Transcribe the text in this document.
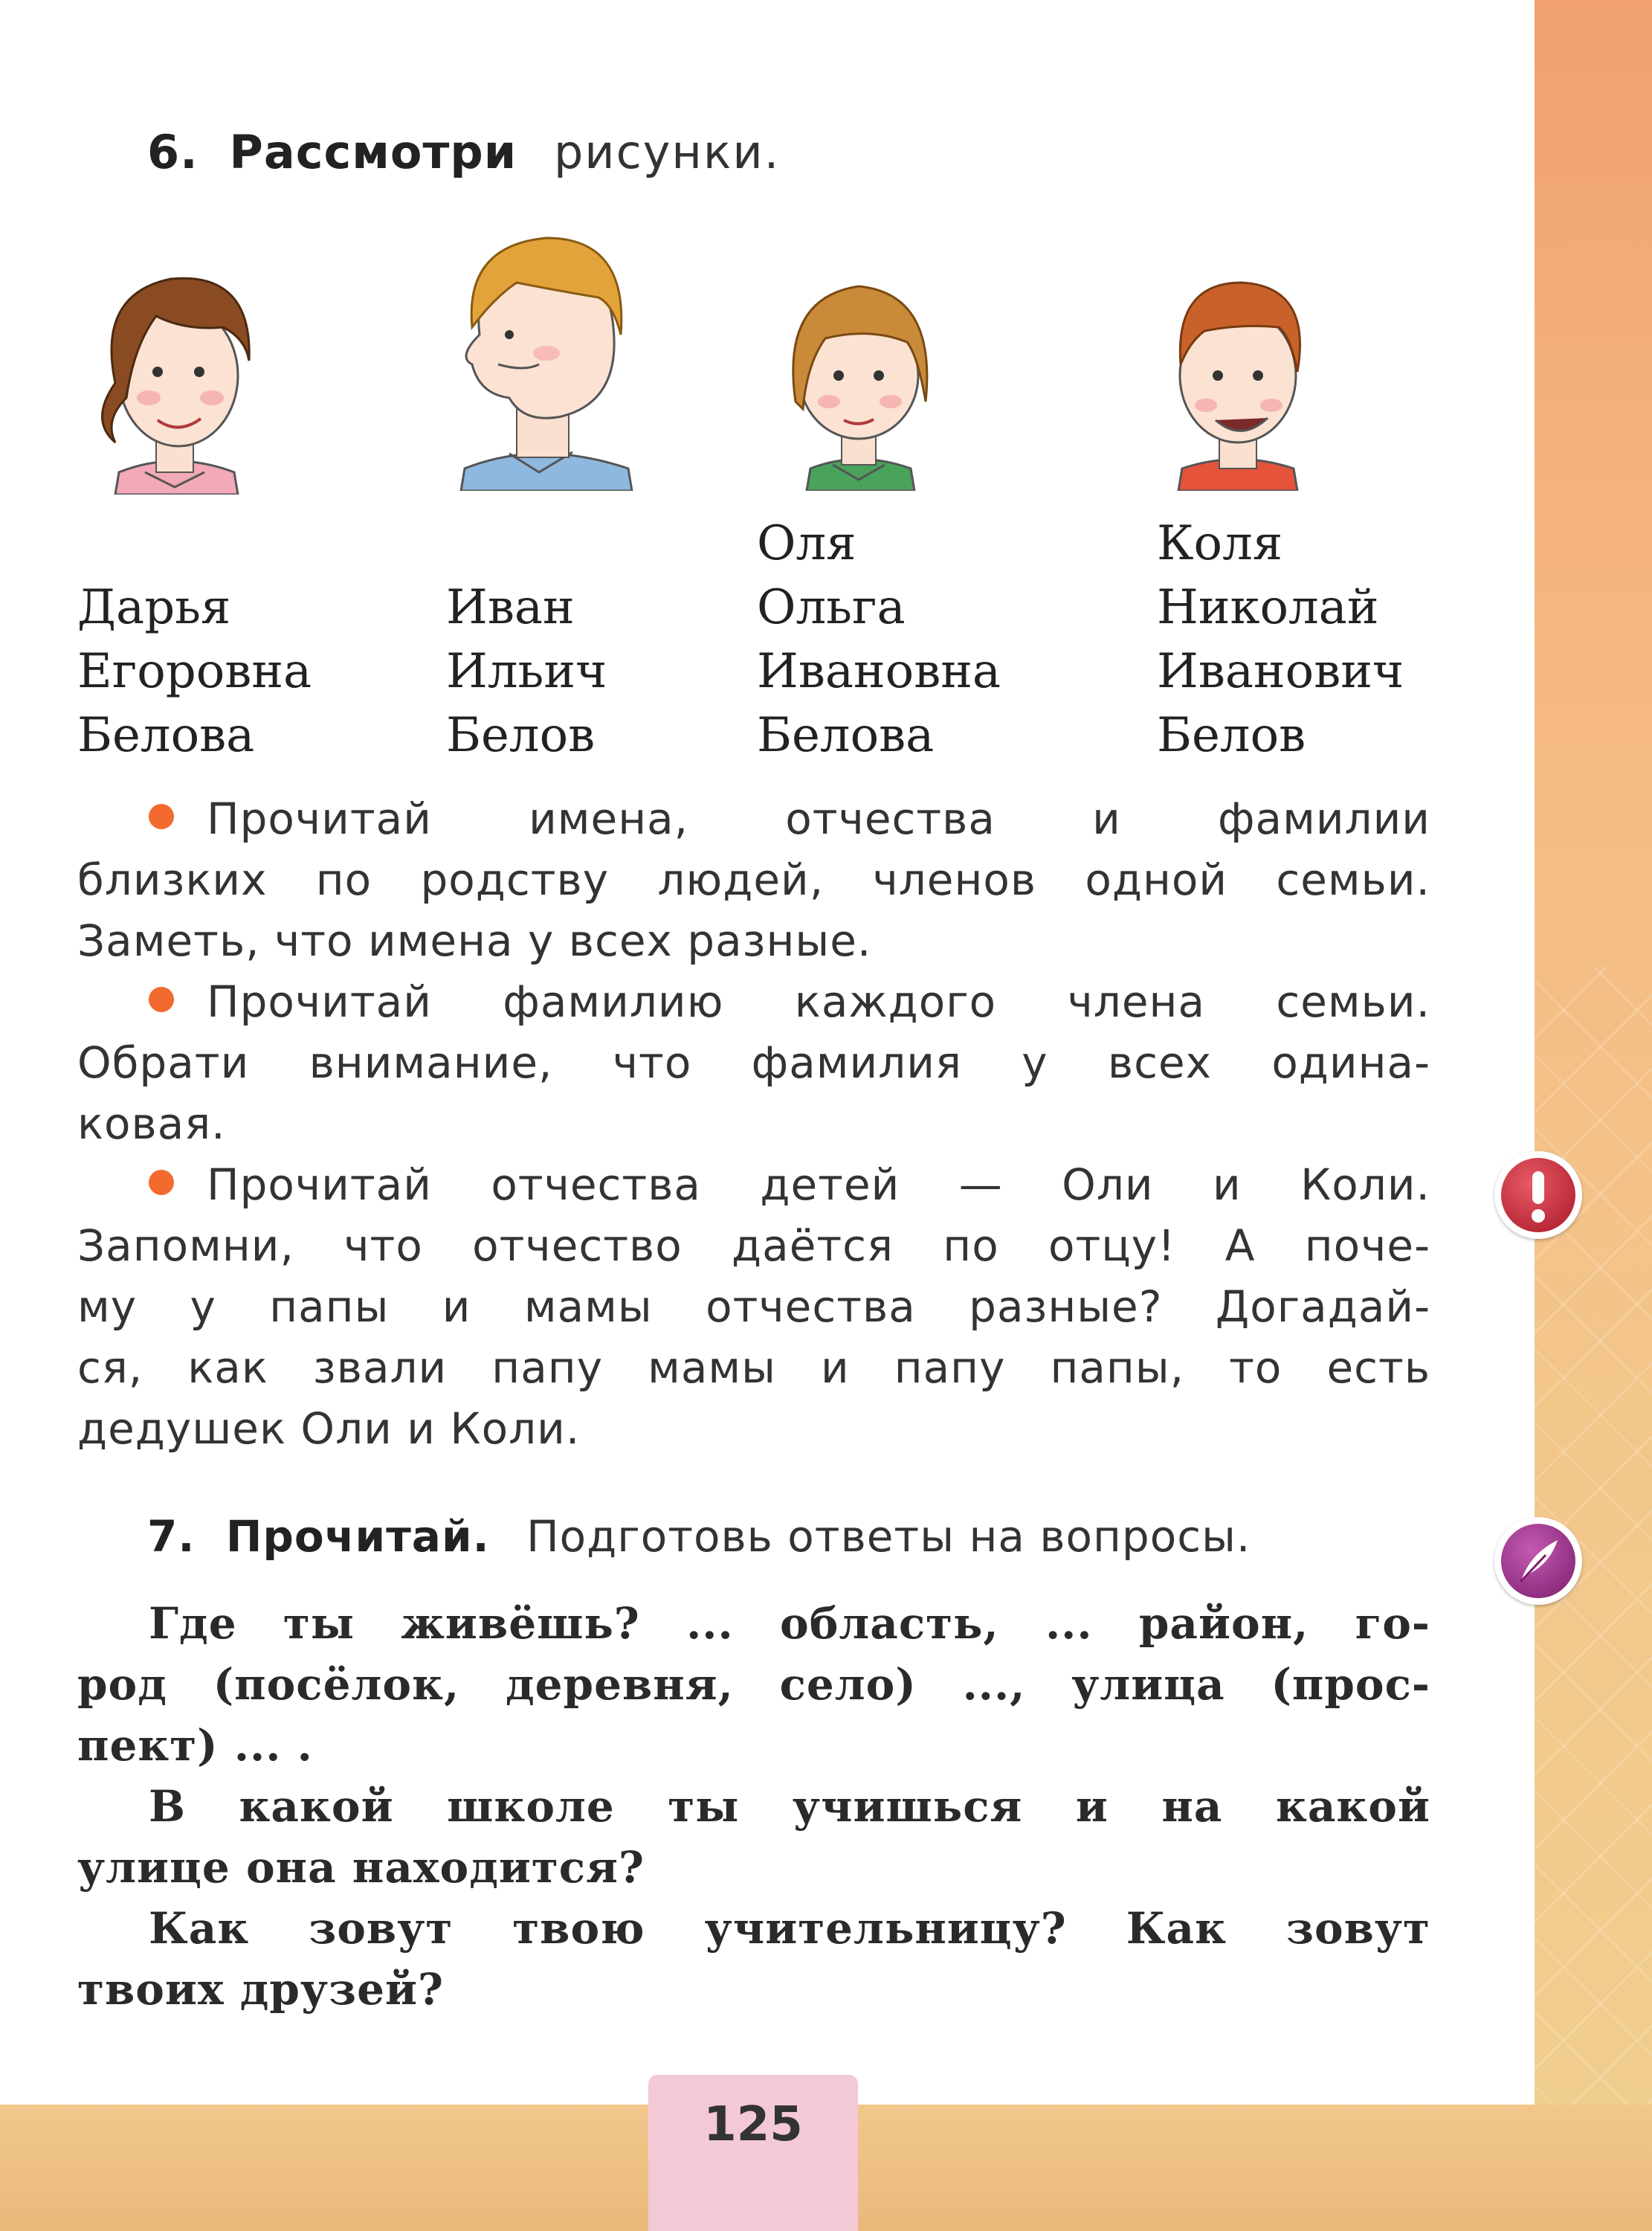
6. Рассмотри рисунки.
Дарья
Егоровна
Белова
Иван
Ильич
Белов
Оля
Ольга
Ивановна
Белова
Коля
Николай
Иванович
Белов
Прочитай имена, отчества и фамилии
близких по родству людей, членов одной семьи.
Заметь, что имена у всех разные.
Прочитай фамилию каждого члена семьи.
Обрати внимание, что фамилия у всех одина-
ковая.
Прочитай отчества детей — Оли и Коли.
Запомни, что отчество даётся по отцу! А поче-
му у папы и мамы отчества разные? Догадай-
ся, как звали папу мамы и папу папы, то есть
дедушек Оли и Коли.
7. Прочитай. Подготовь ответы на вопросы.
Где ты живёшь? ... область, ... район, го-
род (посёлок, деревня, село) ..., улица (прос-
пект) ... .
В какой школе ты учишься и на какой
улице она находится?
Как зовут твою учительницу? Как зовут
твоих друзей?
125
